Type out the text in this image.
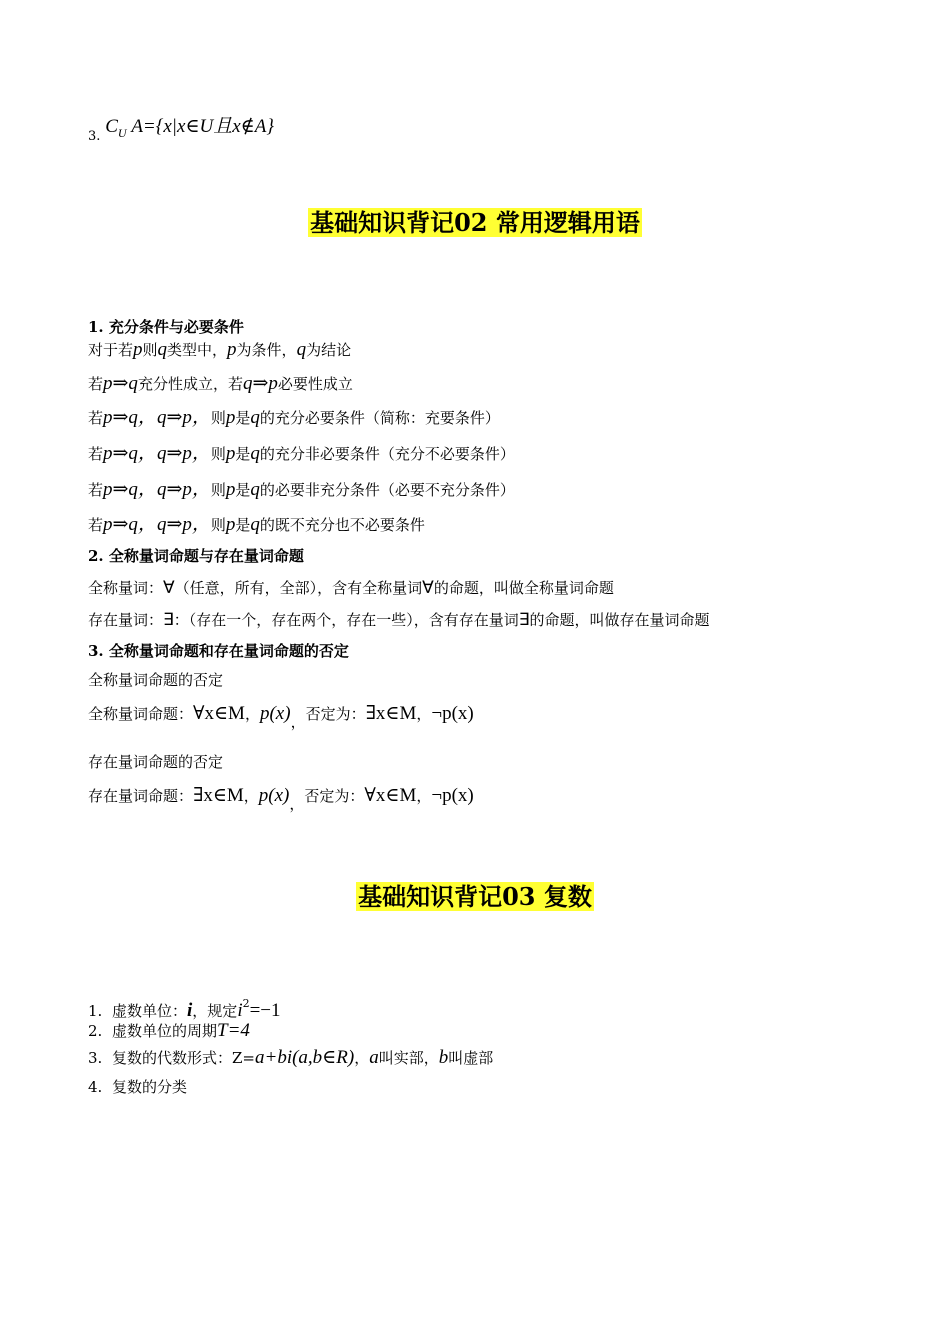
3. $C_U$ A={x|x∈U且x∉A}
基础知识背记02 常用逻辑用语
1. 充分条件与必要条件
对于若p则q类型中，p为条件，q为结论
若p⇒q充分性成立，若q⇒p必要性成立
若p⇒q，q⇒p，则p是q的充分必要条件（简称：充要条件）
若p⇒q，q⇒p，则p是q的充分非必要条件（充分不必要条件）
若p⇒q，q⇒p，则p是q的必要非充分条件（必要不充分条件）
若p⇒q，q⇒p，则p是q的既不充分也不必要条件
2. 全称量词命题与存在量词命题
全称量词：∀（任意，所有，全部），含有全称量词∀的命题，叫做全称量词命题
存在量词：∃：（存在一个，存在两个，存在一些），含有存在量词∃的命题，叫做存在量词命题
3. 全称量词命题和存在量词命题的否定
全称量词命题的否定
全称量词命题：∀x∈M，p(x)，否定为：∃x∈M，¬p(x)
存在量词命题的否定
存在量词命题：∃x∈M，p(x)，否定为：∀x∈M，¬p(x)
基础知识背记03 复数
1. 虚数单位：i，规定$i^2=-1$
2. 虚数单位的周期T=4
3. 复数的代数形式：Z=a+bi(a,b∈R)，a叫实部，b叫虚部
4. 复数的分类
